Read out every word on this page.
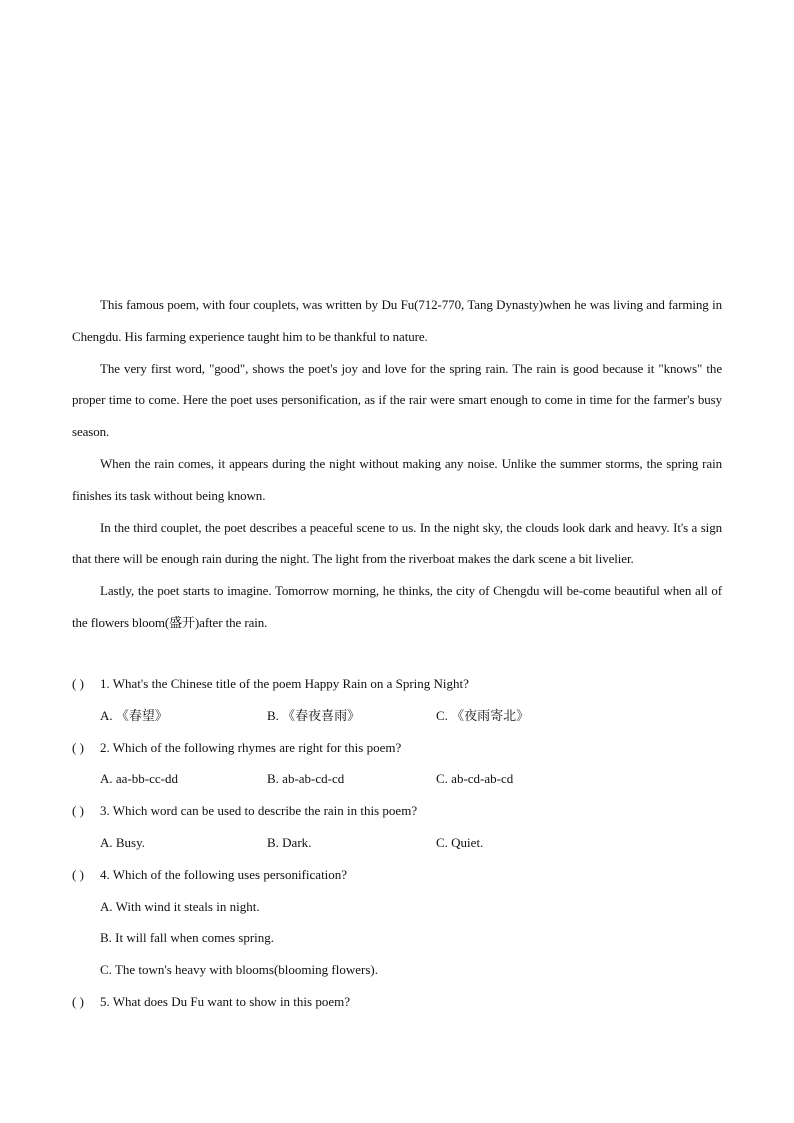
This famous poem, with four couplets, was written by Du Fu(712-770, Tang Dynasty)when he was living and farming in Chengdu. His farming experience taught him to be thankful to nature.

The very first word, "good", shows the poet's joy and love for the spring rain. The rain is good because it "knows" the proper time to come. Here the poet uses personification, as if the rair were smart enough to come in time for the farmer's busy season.

When the rain comes, it appears during the night without making any noise. Unlike the summer storms, the spring rain finishes its task without being known.

In the third couplet, the poet describes a peaceful scene to us. In the night sky, the clouds look dark and heavy. It's a sign that there will be enough rain during the night. The light from the riverboat makes the dark scene a bit livelier.

Lastly, the poet starts to imagine. Tomorrow morning, he thinks, the city of Chengdu will be-come beautiful when all of the flowers bloom(盛开)after the rain.

( ) 1. What's the Chinese title of the poem Happy Rain on a Spring Night?

A. 《春望》	B. 《春夜喜雨》	C. 《夜雨寄北》

( ) 2. Which of the following rhymes are right for this poem?

A. aa-bb-cc-dd	B. ab-ab-cd-cd	C. ab-cd-ab-cd

( ) 3. Which word can be used to describe the rain in this poem?

A. Busy.	B. Dark.	C. Quiet.

( ) 4. Which of the following uses personification?

A. With wind it steals in night.

B. It will fall when comes spring.

C. The town's heavy with blooms(blooming flowers).

( ) 5. What does Du Fu want to show in this poem?
